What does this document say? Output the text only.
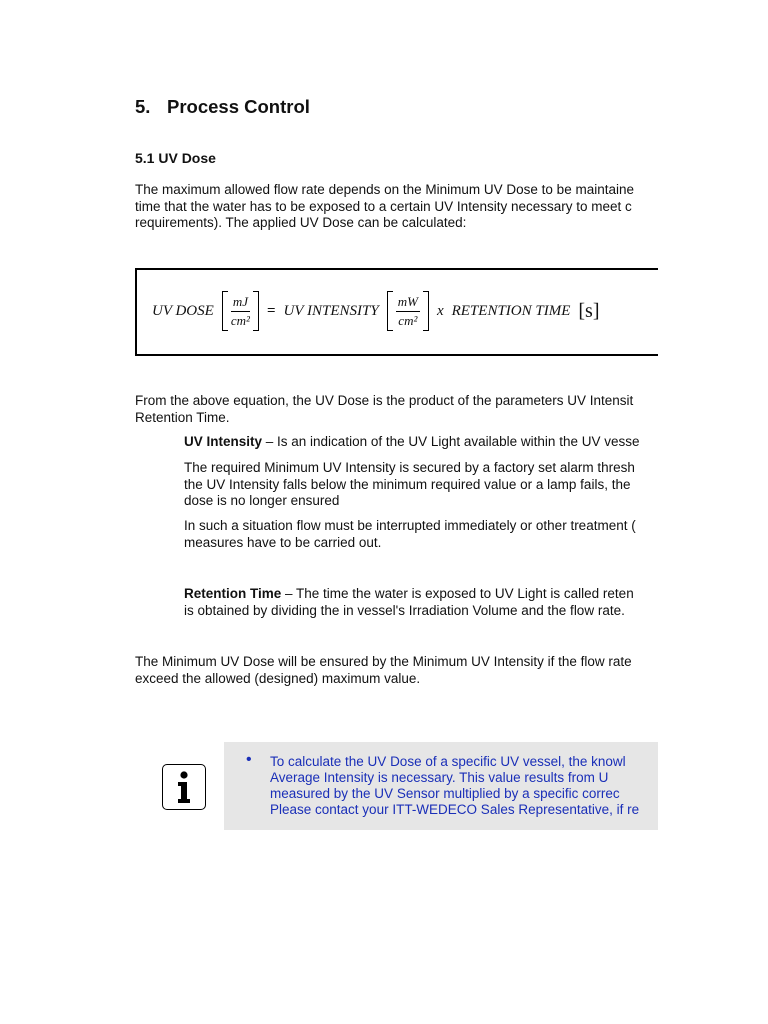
5. Process Control
5.1 UV Dose
The maximum allowed flow rate depends on the Minimum UV Dose to be maintaine
time that the water has to be exposed to a certain UV Intensity necessary to meet c
requirements). The applied UV Dose can be calculated:
UV DOSE $\frac{mJ}{\text{cm²}}$ = UV INTENSITY $\frac{mW}{\text{cm²}}$ x RETENTION TIME [s]
From the above equation, the UV Dose is the product of the parameters UV Intensit
Retention Time.
UV Intensity – Is an indication of the UV Light available within the UV vesse
The required Minimum UV Intensity is secured by a factory set alarm thresh
the UV Intensity falls below the minimum required value or a lamp fails, the
dose is no longer ensured
In such a situation flow must be interrupted immediately or other treatment (
measures have to be carried out.
Retention Time – The time the water is exposed to UV Light is called reten
is obtained by dividing the in vessel's Irradiation Volume and the flow rate.
The Minimum UV Dose will be ensured by the Minimum UV Intensity if the flow rate
exceed the allowed (designed) maximum value.
• To calculate the UV Dose of a specific UV vessel, the knowl
Average Intensity is necessary. This value results from U
measured by the UV Sensor multiplied by a specific correc
Please contact your ITT-WEDECO Sales Representative, if re
